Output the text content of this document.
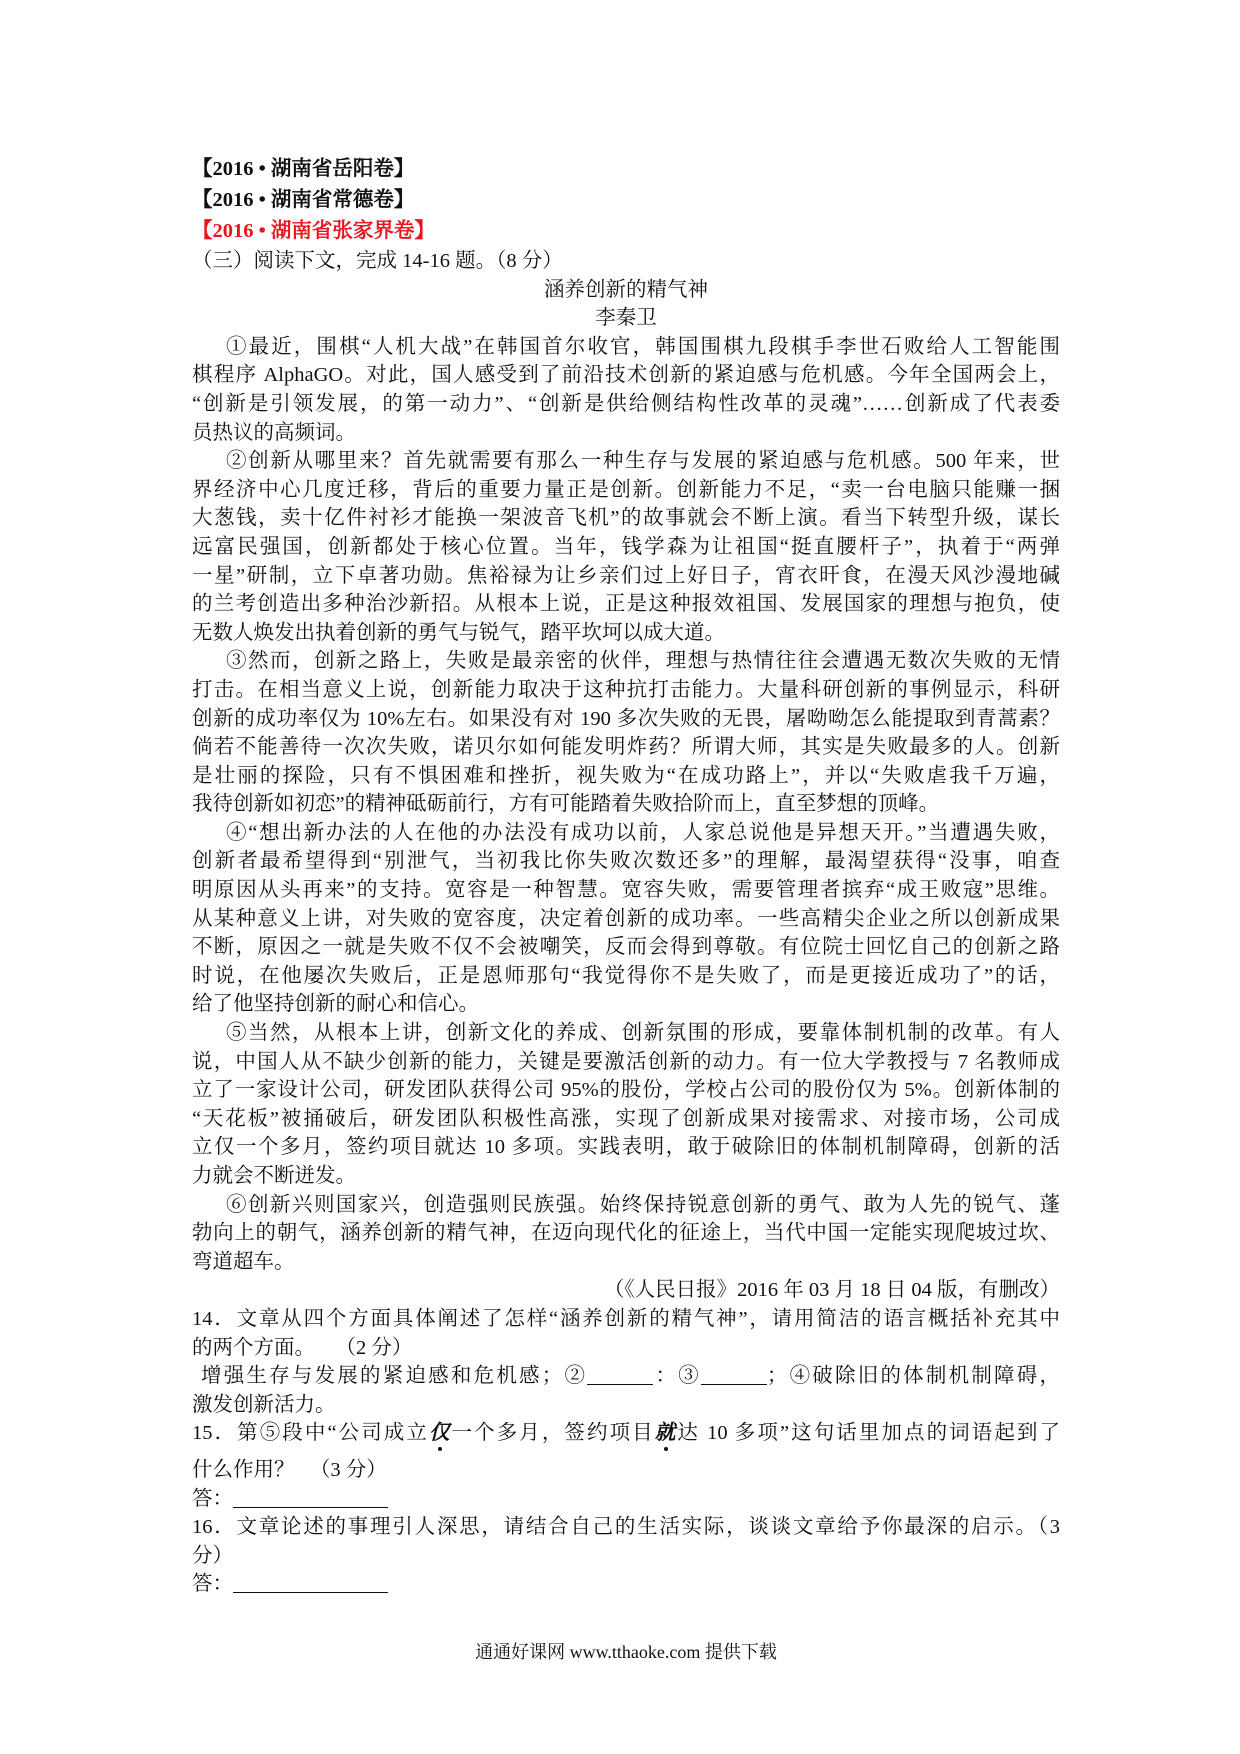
【2016 • 湖南省岳阳卷】
【2016 • 湖南省常德卷】
【2016 • 湖南省张家界卷】
（三）阅读下文，完成 14-16 题。（8 分）
涵养创新的精气神
李秦卫
①最近，围棋“人机大战”在韩国首尔收官，韩国围棋九段棋手李世石败给人工智能围
棋程序 AlphaGO。对此，国人感受到了前沿技术创新的紧迫感与危机感。今年全国两会上，
“创新是引领发展，的第一动力”、“创新是供给侧结构性改革的灵魂”……创新成了代表委
员热议的高频词。
②创新从哪里来？首先就需要有那么一种生存与发展的紧迫感与危机感。500 年来，世
界经济中心几度迁移，背后的重要力量正是创新。创新能力不足，“卖一台电脑只能赚一捆
大葱钱，卖十亿件衬衫才能换一架波音飞机”的故事就会不断上演。看当下转型升级，谋长
远富民强国，创新都处于核心位置。当年，钱学森为让祖国“挺直腰杆子”，执着于“两弹
一星”研制，立下卓著功勋。焦裕禄为让乡亲们过上好日子，宵衣旰食，在漫天风沙漫地碱
的兰考创造出多种治沙新招。从根本上说，正是这种报效祖国、发展国家的理想与抱负，使
无数人焕发出执着创新的勇气与锐气，踏平坎坷以成大道。
③然而，创新之路上，失败是最亲密的伙伴，理想与热情往往会遭遇无数次失败的无情
打击。在相当意义上说，创新能力取决于这种抗打击能力。大量科研创新的事例显示，科研
创新的成功率仅为 10%左右。如果没有对 190 多次失败的无畏，屠呦呦怎么能提取到青蒿素？
倘若不能善待一次次失败，诺贝尔如何能发明炸药？所谓大师，其实是失败最多的人。创新
是壮丽的探险，只有不惧困难和挫折，视失败为“在成功路上”，并以“失败虐我千万遍，
我待创新如初恋”的精神砥砺前行，方有可能踏着失败拾阶而上，直至梦想的顶峰。
④“想出新办法的人在他的办法没有成功以前，人家总说他是异想天开。”当遭遇失败，
创新者最希望得到“别泄气，当初我比你失败次数还多”的理解，最渴望获得“没事，咱查
明原因从头再来”的支持。宽容是一种智慧。宽容失败，需要管理者摈弃“成王败寇”思维。
从某种意义上讲，对失败的宽容度，决定着创新的成功率。一些高精尖企业之所以创新成果
不断，原因之一就是失败不仅不会被嘲笑，反而会得到尊敬。有位院士回忆自己的创新之路
时说，在他屡次失败后，正是恩师那句“我觉得你不是失败了，而是更接近成功了”的话，
给了他坚持创新的耐心和信心。
⑤当然，从根本上讲，创新文化的养成、创新氛围的形成，要靠体制机制的改革。有人
说，中国人从不缺少创新的能力，关键是要激活创新的动力。有一位大学教授与 7 名教师成
立了一家设计公司，研发团队获得公司 95%的股份，学校占公司的股份仅为 5%。创新体制的
“天花板”被捅破后，研发团队积极性高涨，实现了创新成果对接需求、对接市场，公司成
立仅一个多月，签约项目就达 10 多项。实践表明，敢于破除旧的体制机制障碍，创新的活
力就会不断迸发。
⑥创新兴则国家兴，创造强则民族强。始终保持锐意创新的勇气、敢为人先的锐气、蓬
勃向上的朝气，涵养创新的精气神，在迈向现代化的征途上，当代中国一定能实现爬坡过坎、
弯道超车。
（《人民日报》2016 年 03 月 18 日 04 版，有删改）
14．文章从四个方面具体阐述了怎样“涵养创新的精气神”，请用简洁的语言概括补充其中
的两个方面。    （2 分）
增强生存与发展的紧迫感和危机感；②	：③	；④破除旧的体制机制障碍，
激发创新活力。
15．第⑤段中“公司成立仅一个多月，签约项目就达 10 多项”这句话里加点的词语起到了
什么作用？   （3 分）
答：
16．文章论述的事理引人深思，请结合自己的生活实际，谈谈文章给予你最深的启示。（3
分）
答：
通通好课网 www.tthaoke.com 提供下载
